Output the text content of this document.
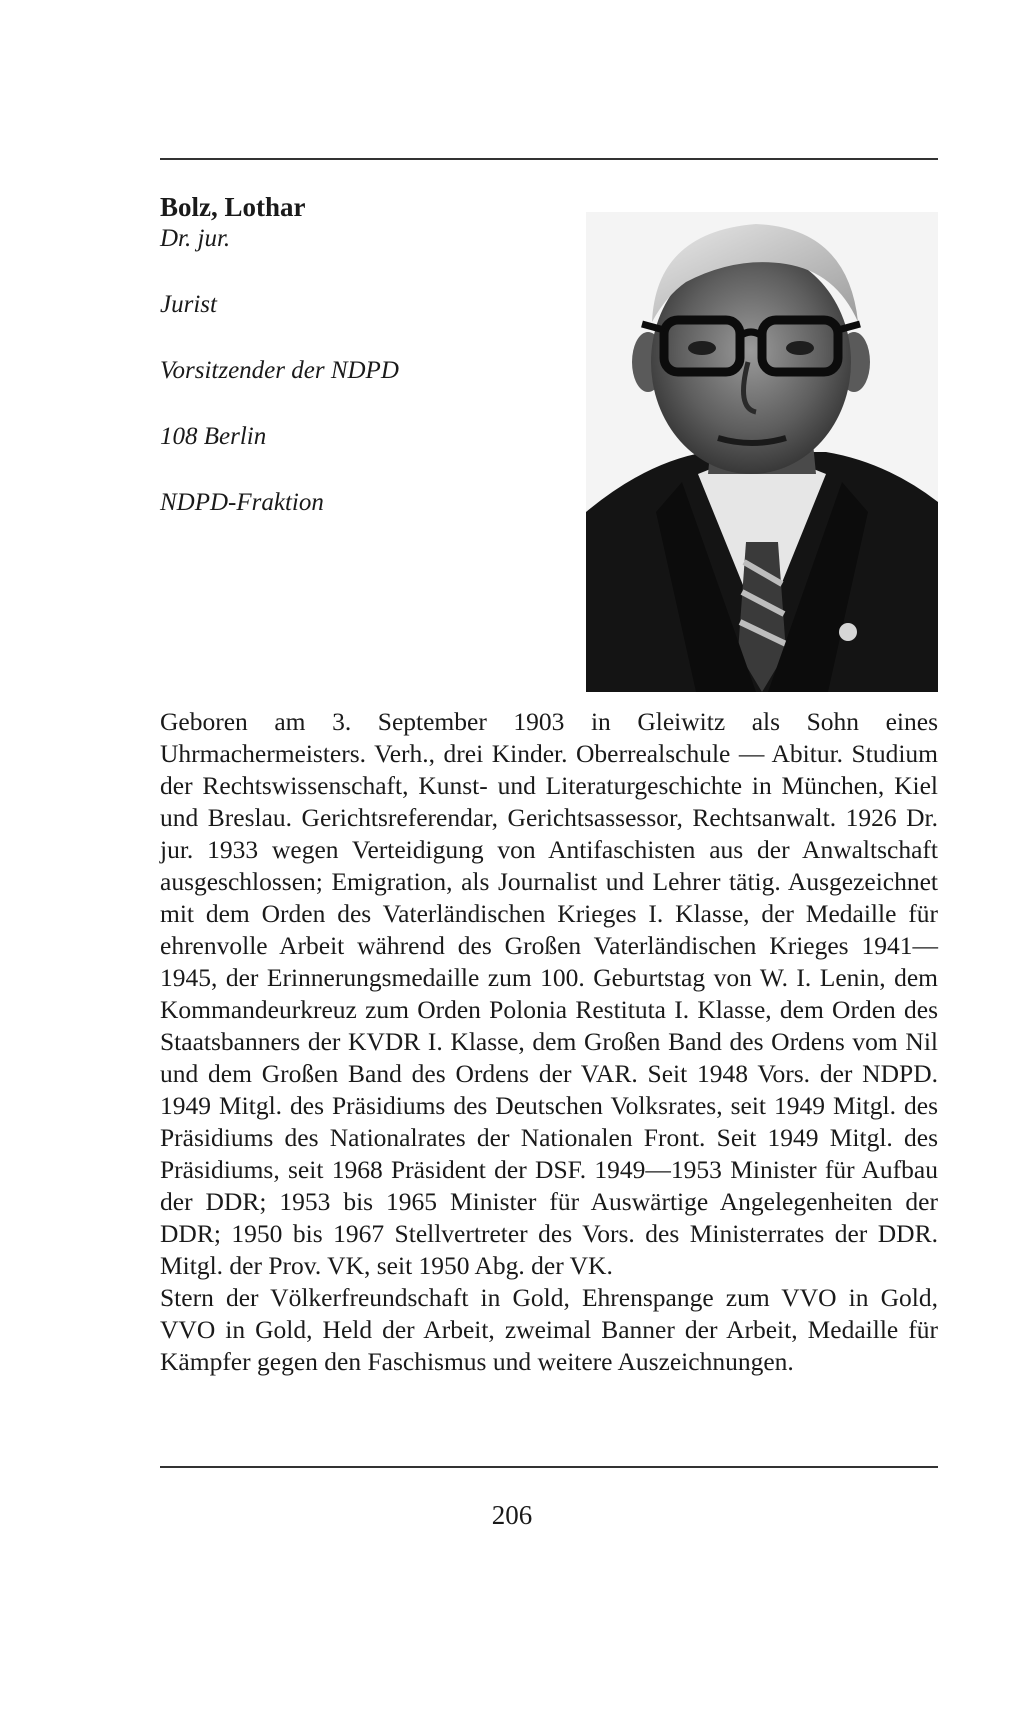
Bolz, Lothar

Dr. jur.

Jurist

Vorsitzender der NDPD

108 Berlin

NDPD-Fraktion

Geboren am 3. September 1903 in Gleiwitz als Sohn eines Uhrmachermeisters. Verh., drei Kinder. Oberrealschule — Abitur. Studium der Rechtswissenschaft, Kunst- und Literaturgeschichte in München, Kiel und Breslau. Gerichtsreferendar, Gerichtsassessor, Rechtsanwalt. 1926 Dr. jur. 1933 wegen Verteidigung von Antifaschisten aus der Anwaltschaft ausgeschlossen; Emigration, als Journalist und Lehrer tätig. Ausgezeichnet mit dem Orden des Vaterländischen Krieges I. Klasse, der Medaille für ehrenvolle Arbeit während des Großen Vaterländischen Krieges 1941—1945, der Erinnerungsmedaille zum 100. Geburtstag von W. I. Lenin, dem Kommandeurkreuz zum Orden Polonia Restituta I. Klasse, dem Orden des Staatsbanners der KVDR I. Klasse, dem Großen Band des Ordens vom Nil und dem Großen Band des Ordens der VAR. Seit 1948 Vors. der NDPD. 1949 Mitgl. des Präsidiums des Deutschen Volksrates, seit 1949 Mitgl. des Präsidiums des Nationalrates der Nationalen Front. Seit 1949 Mitgl. des Präsidiums, seit 1968 Präsident der DSF. 1949—1953 Minister für Aufbau der DDR; 1953 bis 1965 Minister für Auswärtige Angelegenheiten der DDR; 1950 bis 1967 Stellvertreter des Vors. des Ministerrates der DDR. Mitgl. der Prov. VK, seit 1950 Abg. der VK.

Stern der Völkerfreundschaft in Gold, Ehrenspange zum VVO in Gold, VVO in Gold, Held der Arbeit, zweimal Banner der Arbeit, Medaille für Kämpfer gegen den Faschismus und weitere Auszeichnungen.

206
